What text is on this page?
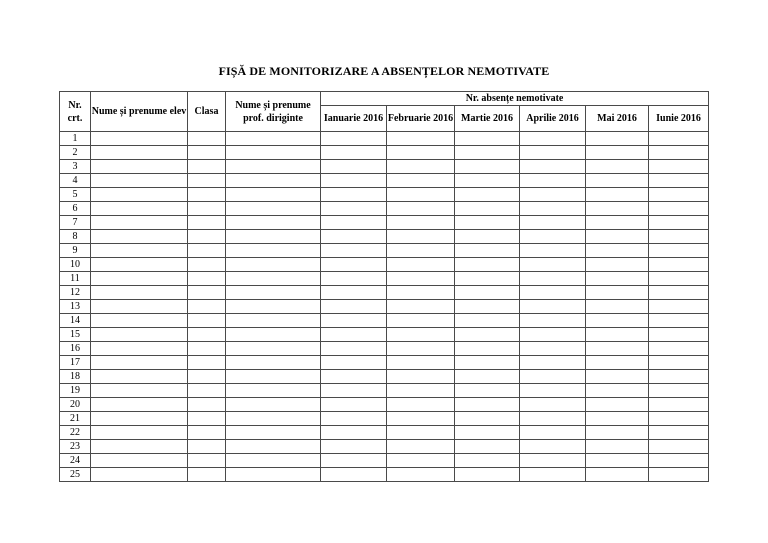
FIȘĂ DE MONITORIZARE A ABSENȚELOR NEMOTIVATE
Nr. crt.	Nume și prenume elev	Clasa	Nume și prenume prof. diriginte	Nr. absențe nemotivate					
				Ianuarie 2016	Februarie 2016	Martie 2016	Aprilie 2016	Mai 2016	Iunie 2016
1									
2									
3									
4									
5									
6									
7									
8									
9									
10									
11									
12									
13									
14									
15									
16									
17									
18									
19									
20									
21									
22									
23									
24									
25									
